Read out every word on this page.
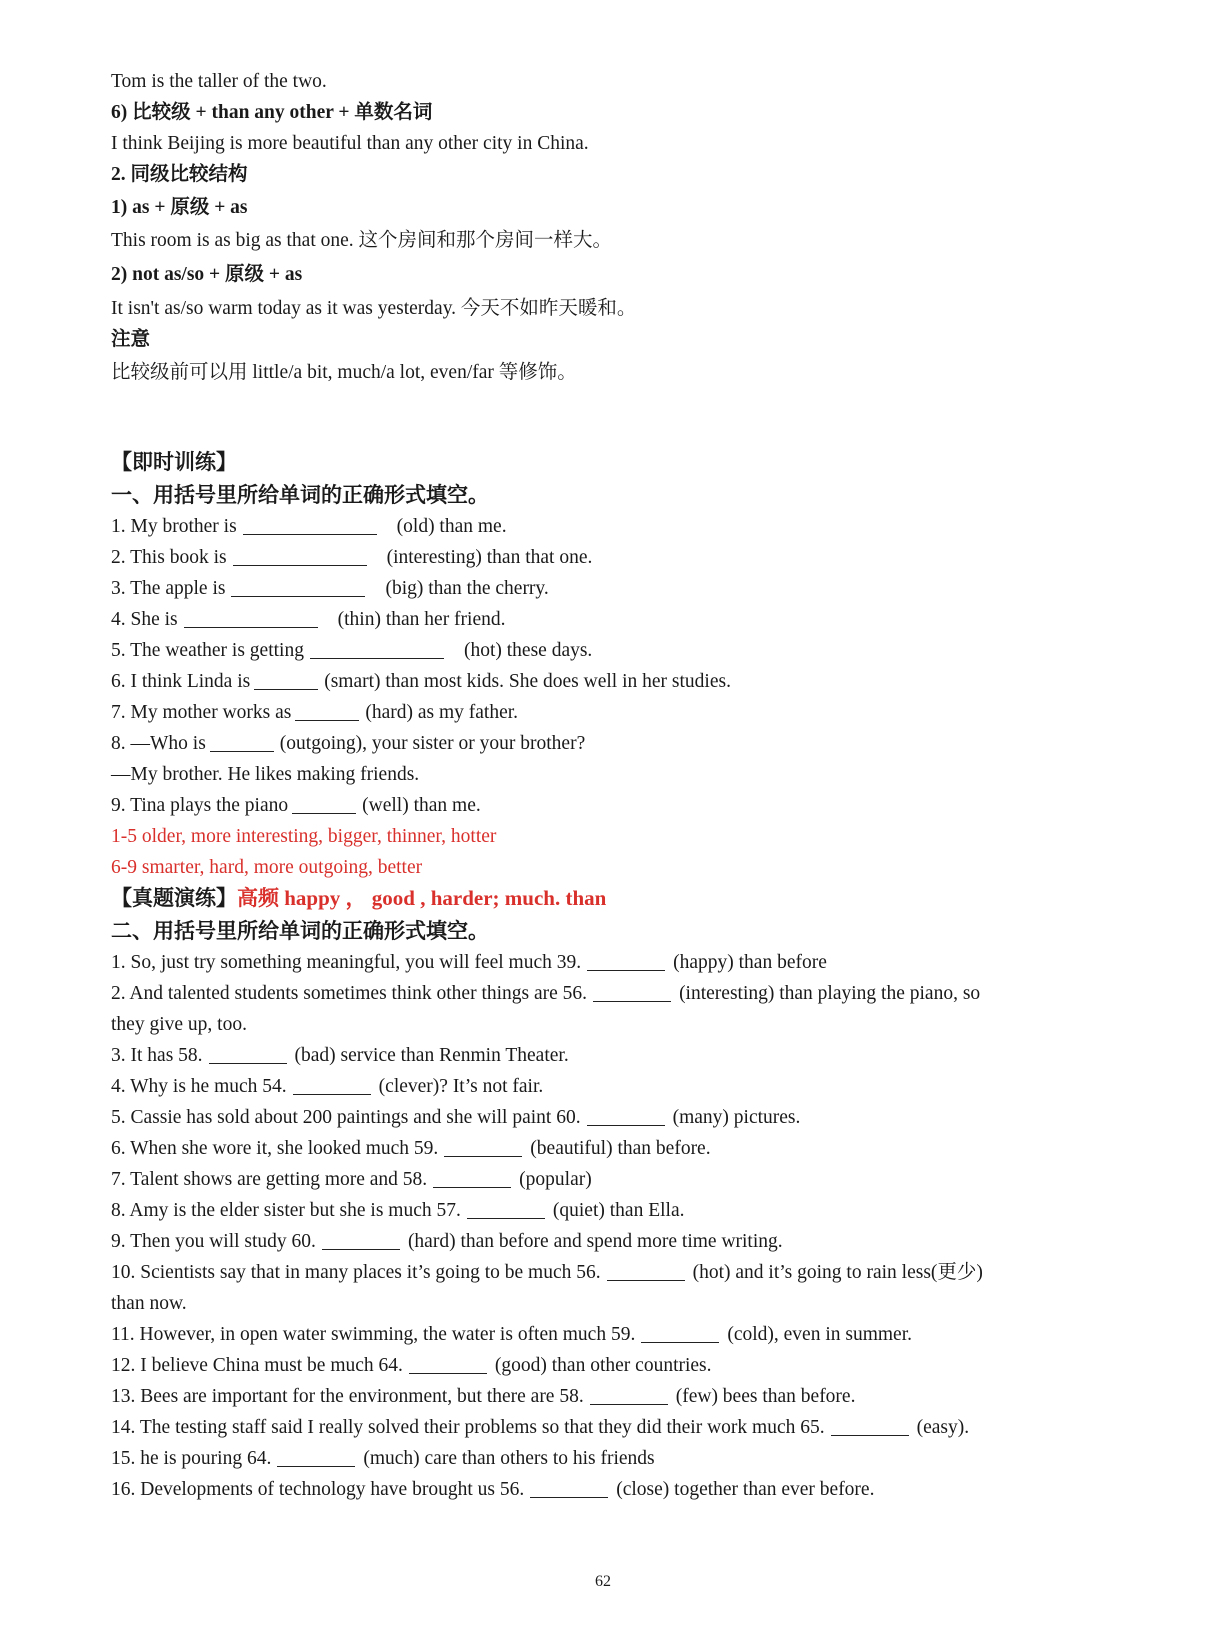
Tom is the taller of the two.
6) 比较级 + than any other + 单数名词
I think Beijing is more beautiful than any other city in China.
2. 同级比较结构
1) as + 原级 + as
This room is as big as that one. 这个房间和那个房间一样大。
2) not as/so + 原级 + as
It isn't as/so warm today as it was yesterday. 今天不如昨天暖和。
注意
比较级前可以用 little/a bit, much/a lot, even/far 等修饰。
【即时训练】
一、用括号里所给单词的正确形式填空。
1. My brother is	(old) than me.
2. This book is	(interesting) than that one.
3. The apple is	(big) than the cherry.
4. She is	(thin) than her friend.
5. The weather is getting	(hot) these days.
6. I think Linda is	(smart) than most kids. She does well in her studies.
7. My mother works as	(hard) as my father.
8. —Who is	(outgoing), your sister or your brother?
—My brother. He likes making friends.
9. Tina plays the piano	(well) than me.
1-5 older, more interesting, bigger, thinner, hotter
6-9 smarter, hard, more outgoing, better
【真题演练】高频 happy ， good , harder; much. than
二、用括号里所给单词的正确形式填空。
1. So, just try something meaningful, you will feel much 39.	(happy) than before
2. And talented students sometimes think other things are 56.	(interesting) than playing the piano, so
they give up, too.
3. It has 58.	(bad) service than Renmin Theater.
4. Why is he much 54.	(clever)? It’s not fair.
5. Cassie has sold about 200 paintings and she will paint 60.	(many) pictures.
6. When she wore it, she looked much 59.	(beautiful) than before.
7. Talent shows are getting more and 58.	(popular)
8. Amy is the elder sister but she is much 57.	(quiet) than Ella.
9. Then you will study 60.	(hard) than before and spend more time writing.
10. Scientists say that in many places it’s going to be much 56.	(hot) and it’s going to rain less(更少)
than now.
11. However, in open water swimming, the water is often much 59.	(cold), even in summer.
12. I believe China must be much 64.	(good) than other countries.
13. Bees are important for the environment, but there are 58.	(few) bees than before.
14. The testing staff said I really solved their problems so that they did their work much 65.	(easy).
15. he is pouring 64.	(much) care than others to his friends
16. Developments of technology have brought us 56.	(close) together than ever before.
62
